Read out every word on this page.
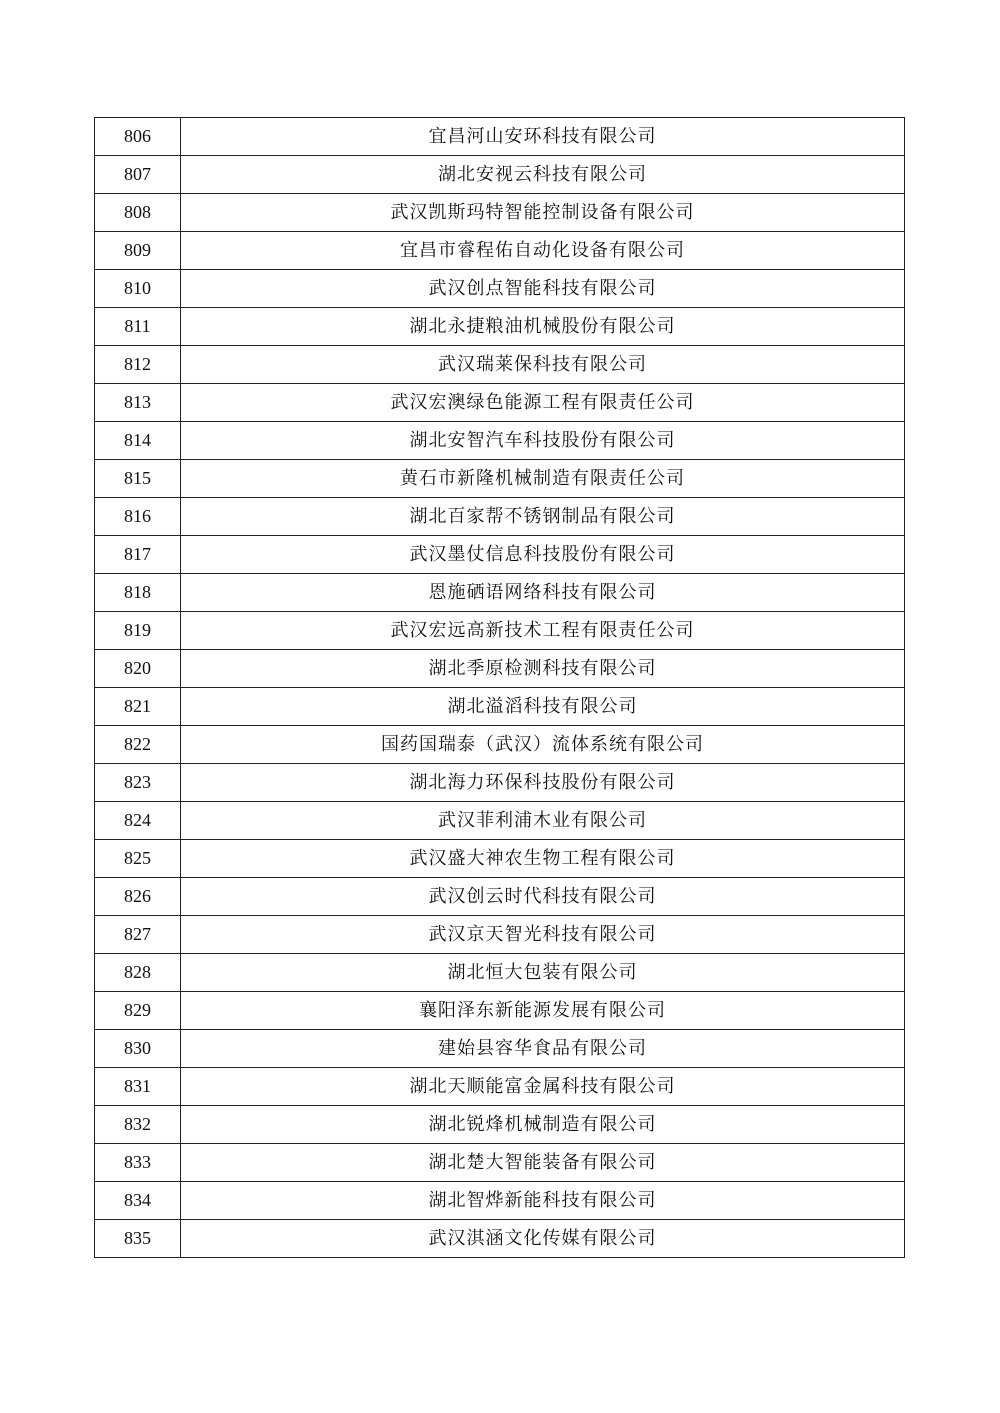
806	宜昌河山安环科技有限公司
807	湖北安视云科技有限公司
808	武汉凯斯玛特智能控制设备有限公司
809	宜昌市睿程佑自动化设备有限公司
810	武汉创点智能科技有限公司
811	湖北永捷粮油机械股份有限公司
812	武汉瑞莱保科技有限公司
813	武汉宏澳绿色能源工程有限责任公司
814	湖北安智汽车科技股份有限公司
815	黄石市新隆机械制造有限责任公司
816	湖北百家帮不锈钢制品有限公司
817	武汉墨仗信息科技股份有限公司
818	恩施硒语网络科技有限公司
819	武汉宏远高新技术工程有限责任公司
820	湖北季原检测科技有限公司
821	湖北溢滔科技有限公司
822	国药国瑞泰（武汉）流体系统有限公司
823	湖北海力环保科技股份有限公司
824	武汉菲利浦木业有限公司
825	武汉盛大神农生物工程有限公司
826	武汉创云时代科技有限公司
827	武汉京天智光科技有限公司
828	湖北恒大包装有限公司
829	襄阳泽东新能源发展有限公司
830	建始县容华食品有限公司
831	湖北天顺能富金属科技有限公司
832	湖北锐烽机械制造有限公司
833	湖北楚大智能装备有限公司
834	湖北智烨新能科技有限公司
835	武汉淇涵文化传媒有限公司
